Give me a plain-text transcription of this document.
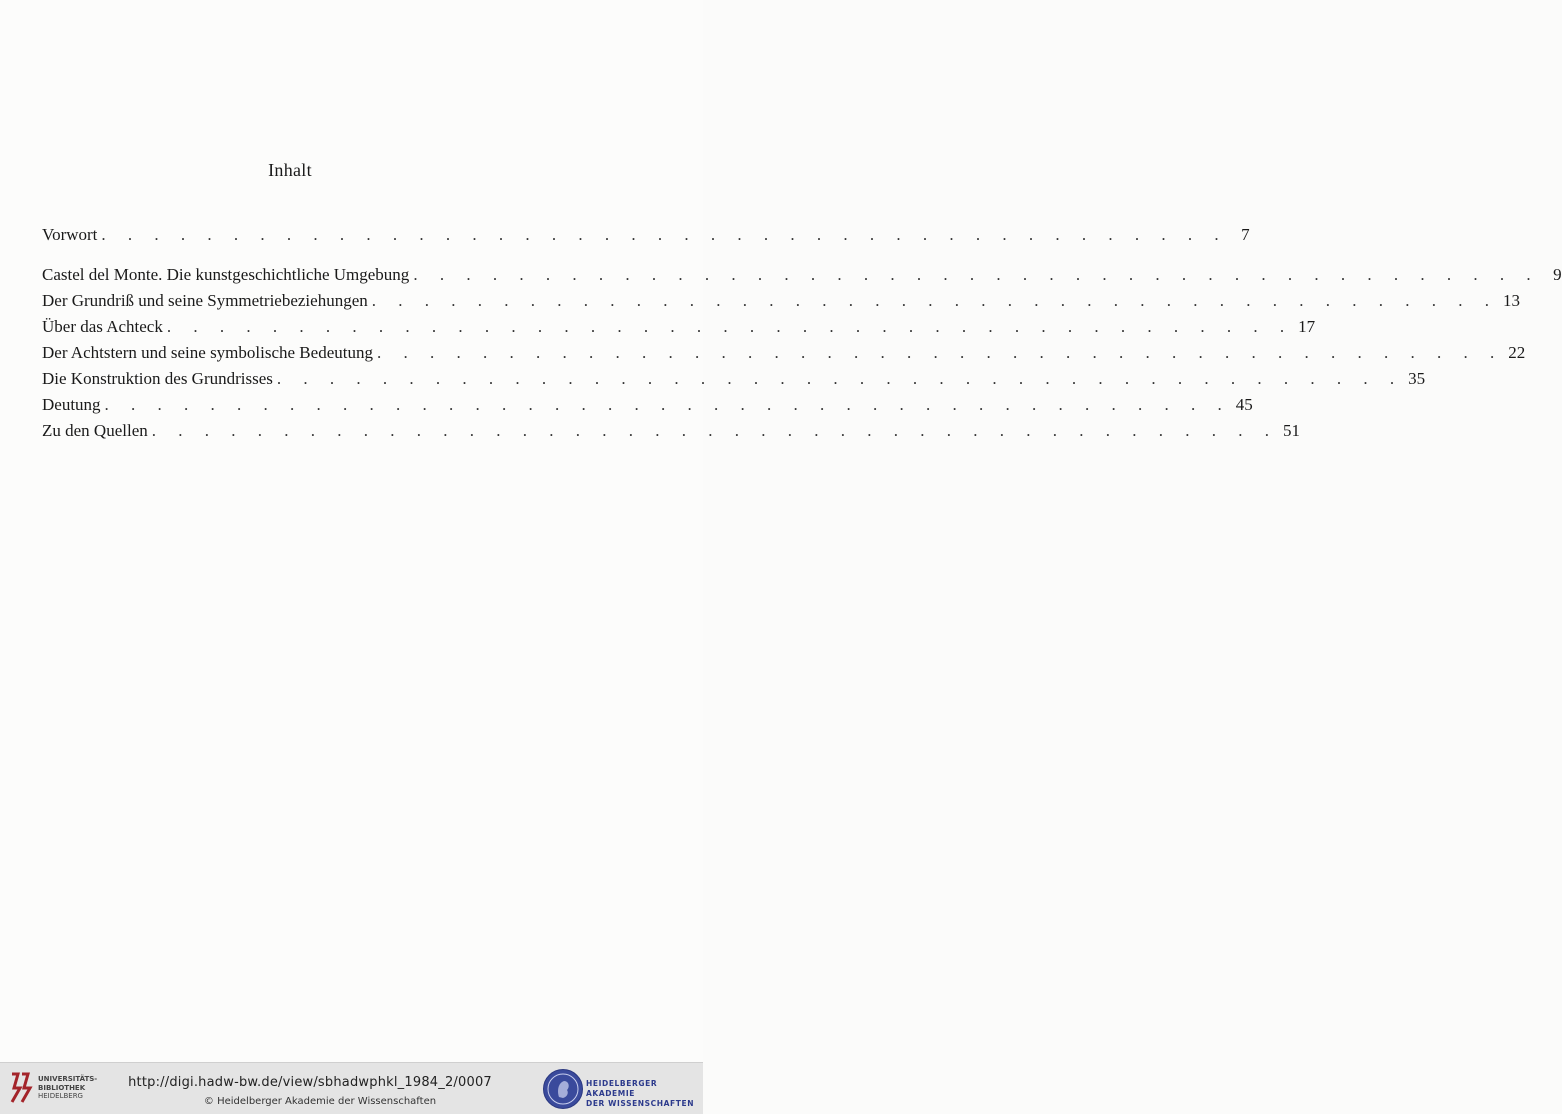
Inhalt
Vorwort . . . . . . . . . . . . . . . . . . . . . . . . . . . . . . . . . . . . . . . . . . . 7
Castel del Monte. Die kunstgeschichtliche Umgebung . . . . . . . . . . . . . . . . . . . . . . . . . . . . . . . . . . . . . . . . . . . 9
Der Grundriß und seine Symmetriebeziehungen . . . . . . . . . . . . . . . . . . . . . . . . . . . . . . . . . . . . . . . . . . . 13
Über das Achteck . . . . . . . . . . . . . . . . . . . . . . . . . . . . . . . . . . . . . . . . . . . 17
Der Achtstern und seine symbolische Bedeutung . . . . . . . . . . . . . . . . . . . . . . . . . . . . . . . . . . . . . . . . . . . 22
Die Konstruktion des Grundrisses . . . . . . . . . . . . . . . . . . . . . . . . . . . . . . . . . . . . . . . . . . . 35
Deutung . . . . . . . . . . . . . . . . . . . . . . . . . . . . . . . . . . . . . . . . . . . 45
Zu den Quellen . . . . . . . . . . . . . . . . . . . . . . . . . . . . . . . . . . . . . . . . . . . 51
UNIVERSITÄTS-
BIBLIOTHEK
HEIDELBERG
http://digi.hadw-bw.de/view/sbhadwphkl_1984_2/0007
© Heidelberger Akademie der Wissenschaften
HEIDELBERGER AKADEMIE
DER WISSENSCHAFTEN
